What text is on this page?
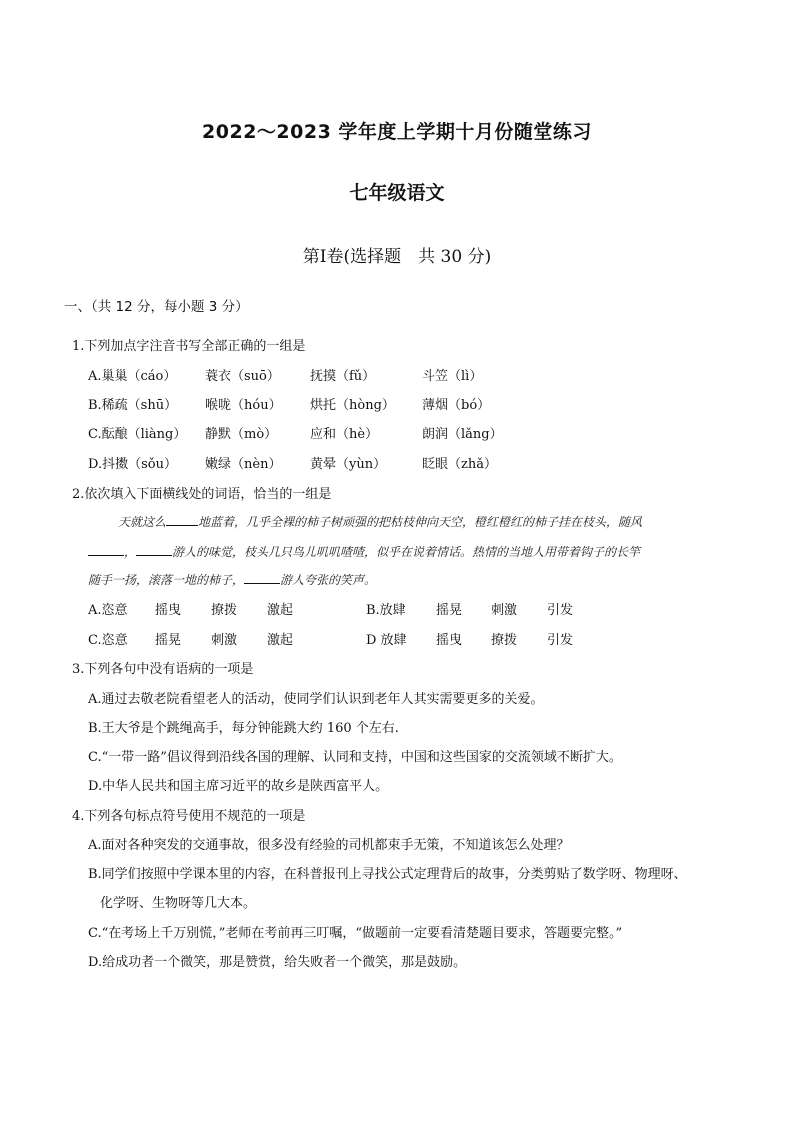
2022～2023 学年度上学期十月份随堂练习
七年级语文
第Ⅰ卷(选择题　共 30 分)
一、（共 12 分，每小题 3 分）
1.下列加点字注音书写全部正确的一组是
A.巢巢（cáo） 蓑衣（suō） 抚摸（fǔ）	斗笠（lì）
B.稀疏（shū） 喉咙（hóu） 烘托（hòng） 薄烟（bó）
C.酝酿（liàng） 静默（mò）	应和（hè）	朗润（lǎng）
D.抖擞（sǒu） 嫩绿（nèn） 黄晕（yùn）	眨眼（zhǎ）
2.依次填入下面横线处的词语，恰当的一组是
天就这么	地蓝着，几乎全裸的柿子树顽强的把枯枝伸向天空，橙红橙红的柿子挂在枝头，随风
，	游人的味觉，枝头几只鸟儿叽叽喳喳，似乎在说着情话。热情的当地人用带着钩子的长竿
随手一扬，滚落一地的柿子，	游人夸张的笑声。
A.恣意 摇曳 撩拨 激起	B.放肆 摇晃 刺激 引发
C.恣意 摇晃 刺激 激起	D 放肆 摇曳 撩拨 引发
3.下列各句中没有语病的一项是
A.通过去敬老院看望老人的活动，使同学们认识到老年人其实需要更多的关爱。
B.王大爷是个跳绳高手，每分钟能跳大约 160 个左右.
C.“一带一路”倡议得到沿线各国的理解、认同和支持，中国和这些国家的交流领域不断扩大。
D.中华人民共和国主席习近平的故乡是陕西富平人。
4.下列各句标点符号使用不规范的一项是
A.面对各种突发的交通事故，很多没有经验的司机都束手无策，不知道该怎么处理？
B.同学们按照中学课本里的内容，在科普报刊上寻找公式定理背后的故事，分类剪贴了数学呀、物理呀、
化学呀、生物呀等几大本。
C.“在考场上千万别慌，”老师在考前再三叮嘱，“做题前一定要看清楚题目要求，答题要完整。”
D.给成功者一个微笑，那是赞赏，给失败者一个微笑，那是鼓励。
